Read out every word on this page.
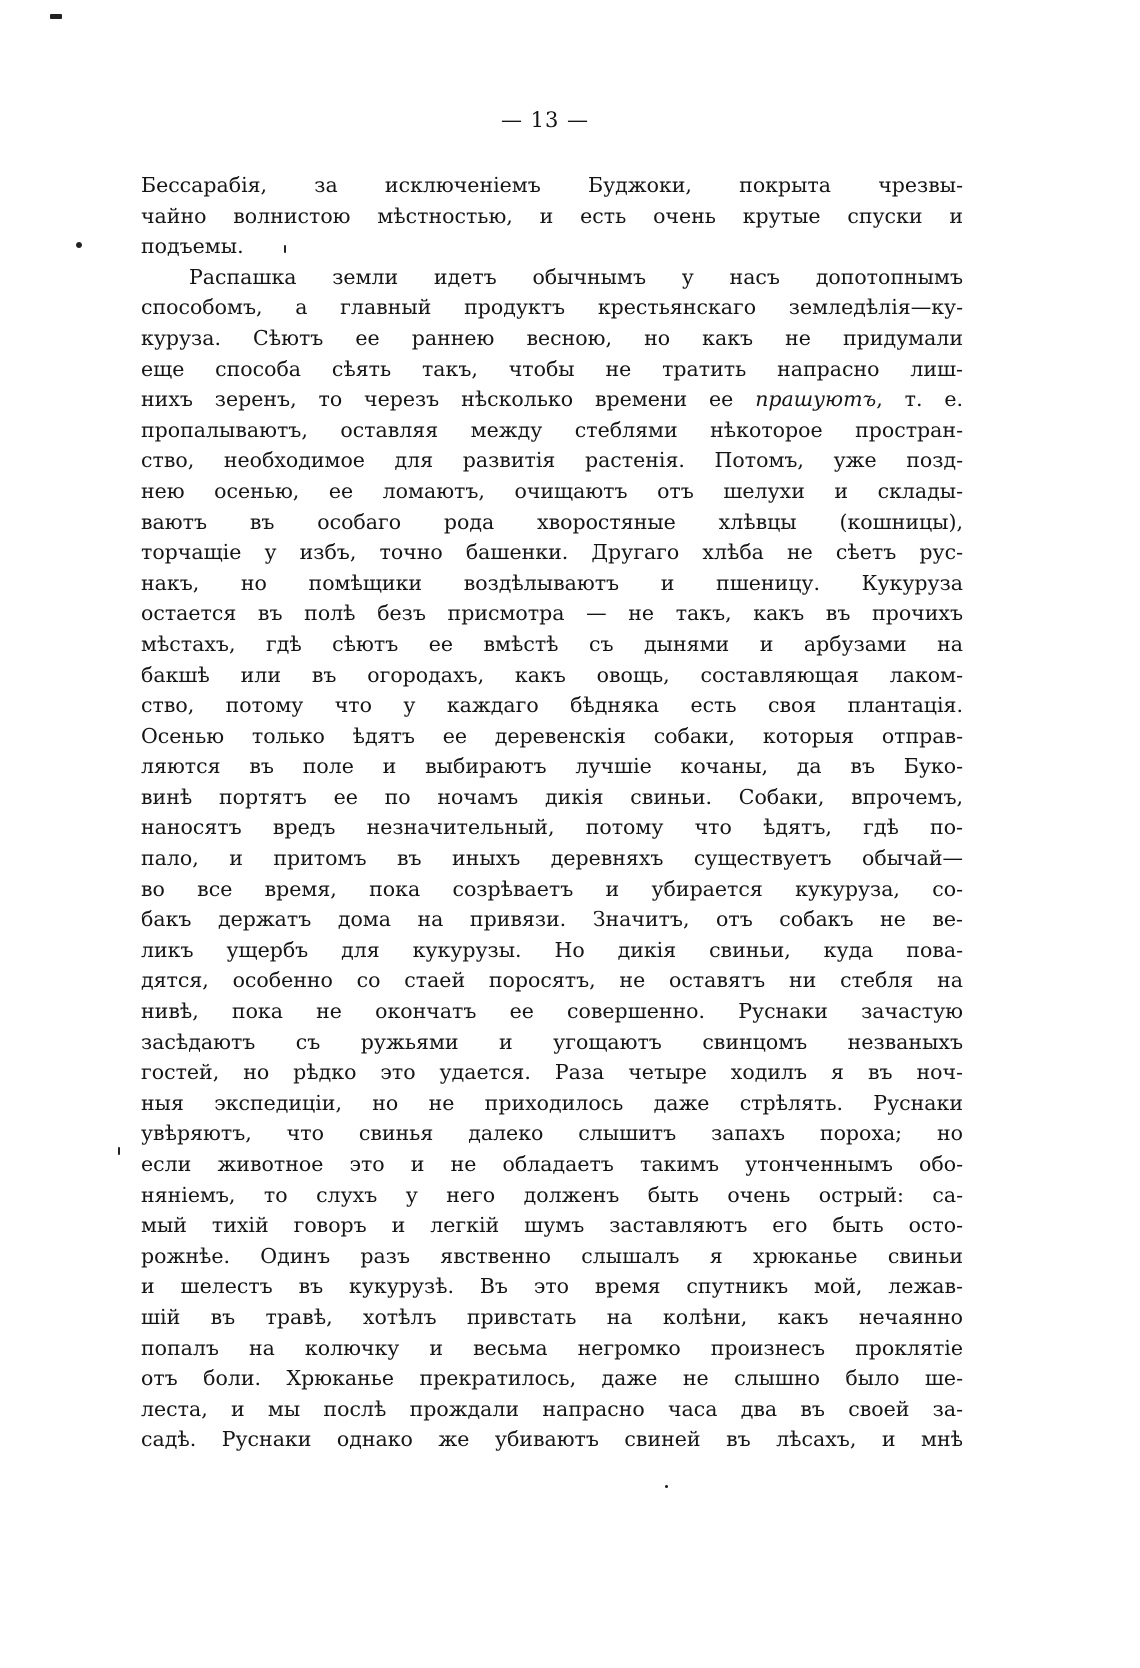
— 13 —
Бессарабія, за исключеніемъ Буджоки, покрыта чрезвы-
чайно волнистою мѣстностью, и есть очень крутые спуски и
подъемы.
Распашка земли идетъ обычнымъ у насъ допотопнымъ
способомъ, а главный продуктъ крестьянскаго земледѣлія—ку-
куруза. Сѣютъ ее раннею весною, но какъ не придумали
еще способа сѣять такъ, чтобы не тратить напрасно лиш-
нихъ зеренъ, то черезъ нѣсколько времени ее прашуютъ, т. е.
пропалываютъ, оставляя между стеблями нѣкоторое простран-
ство, необходимое для развитія растенія. Потомъ, уже позд-
нею осенью, ее ломаютъ, очищаютъ отъ шелухи и склады-
ваютъ въ особаго рода хворостяные хлѣвцы (кошницы),
торчащіе у избъ, точно башенки. Другаго хлѣба не сѣетъ рус-
накъ, но помѣщики воздѣлываютъ и пшеницу. Кукуруза
остается въ полѣ безъ присмотра — не такъ, какъ въ прочихъ
мѣстахъ, гдѣ сѣютъ ее вмѣстѣ съ дынями и арбузами на
бакшѣ или въ огородахъ, какъ овощь, составляющая лаком-
ство, потому что у каждаго бѣдняка есть своя плантація.
Осенью только ѣдятъ ее деревенскія собаки, которыя отправ-
ляются въ поле и выбираютъ лучшіе кочаны, да въ Буко-
винѣ портятъ ее по ночамъ дикія свиньи. Собаки, впрочемъ,
наносятъ вредъ незначительный, потому что ѣдятъ, гдѣ по-
пало, и притомъ въ иныхъ деревняхъ существуетъ обычай—
во все время, пока созрѣваетъ и убирается кукуруза, со-
бакъ держатъ дома на привязи. Значитъ, отъ собакъ не ве-
ликъ ущербъ для кукурузы. Но дикія свиньи, куда пова-
дятся, особенно со стаей поросятъ, не оставятъ ни стебля на
нивѣ, пока не окончатъ ее совершенно. Руснаки зачастую
засѣдаютъ съ ружьями и угощаютъ свинцомъ незваныхъ
гостей, но рѣдко это удается. Раза четыре ходилъ я въ ноч-
ныя экспедиціи, но не приходилось даже стрѣлять. Руснаки
увѣряютъ, что свинья далеко слышитъ запахъ пороха; но
если животное это и не обладаетъ такимъ утонченнымъ обо-
няніемъ, то слухъ у него долженъ быть очень острый: са-
мый тихій говоръ и легкій шумъ заставляютъ его быть осто-
рожнѣе. Одинъ разъ явственно слышалъ я хрюканье свиньи
и шелестъ въ кукурузѣ. Въ это время спутникъ мой, лежав-
шій въ травѣ, хотѣлъ привстать на колѣни, какъ нечаянно
попалъ на колючку и весьма негромко произнесъ проклятіе
отъ боли. Хрюканье прекратилось, даже не слышно было ше-
леста, и мы послѣ прождали напрасно часа два въ своей за-
садѣ. Руснаки однако же убиваютъ свиней въ лѣсахъ, и мнѣ
